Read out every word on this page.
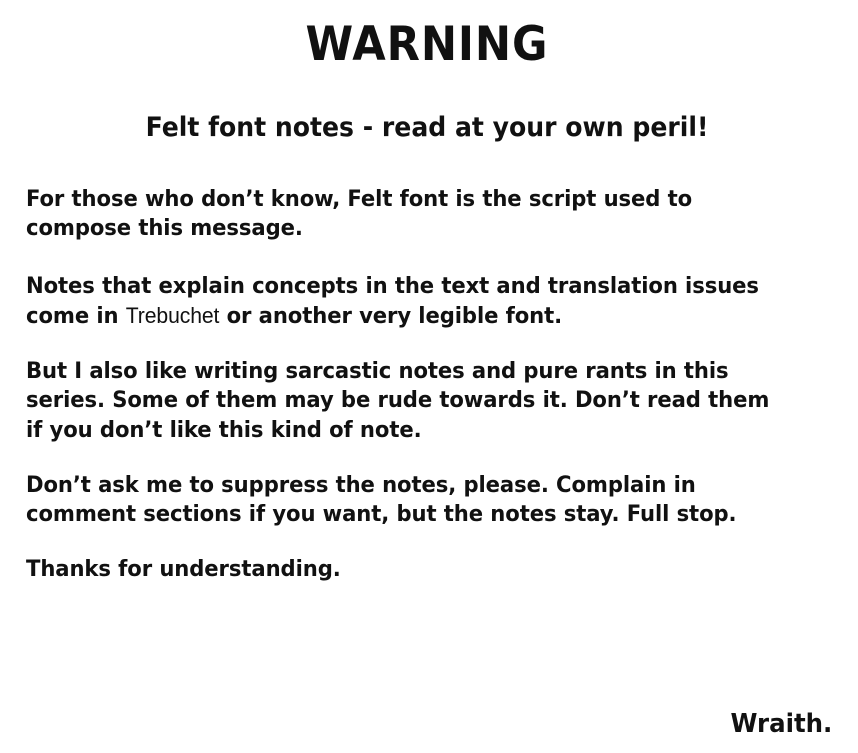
WARNING
Felt font notes - read at your own peril!

For those who don’t know, Felt font is the script used to compose this message.

Notes that explain concepts in the text and translation issues come in Trebuchet or another very legible font.

But I also like writing sarcastic notes and pure rants in this series. Some of them may be rude towards it. Don’t read them if you don’t like this kind of note.

Don’t ask me to suppress the notes, please. Complain in comment sections if you want, but the notes stay. Full stop.

Thanks for understanding.

Wraith.
